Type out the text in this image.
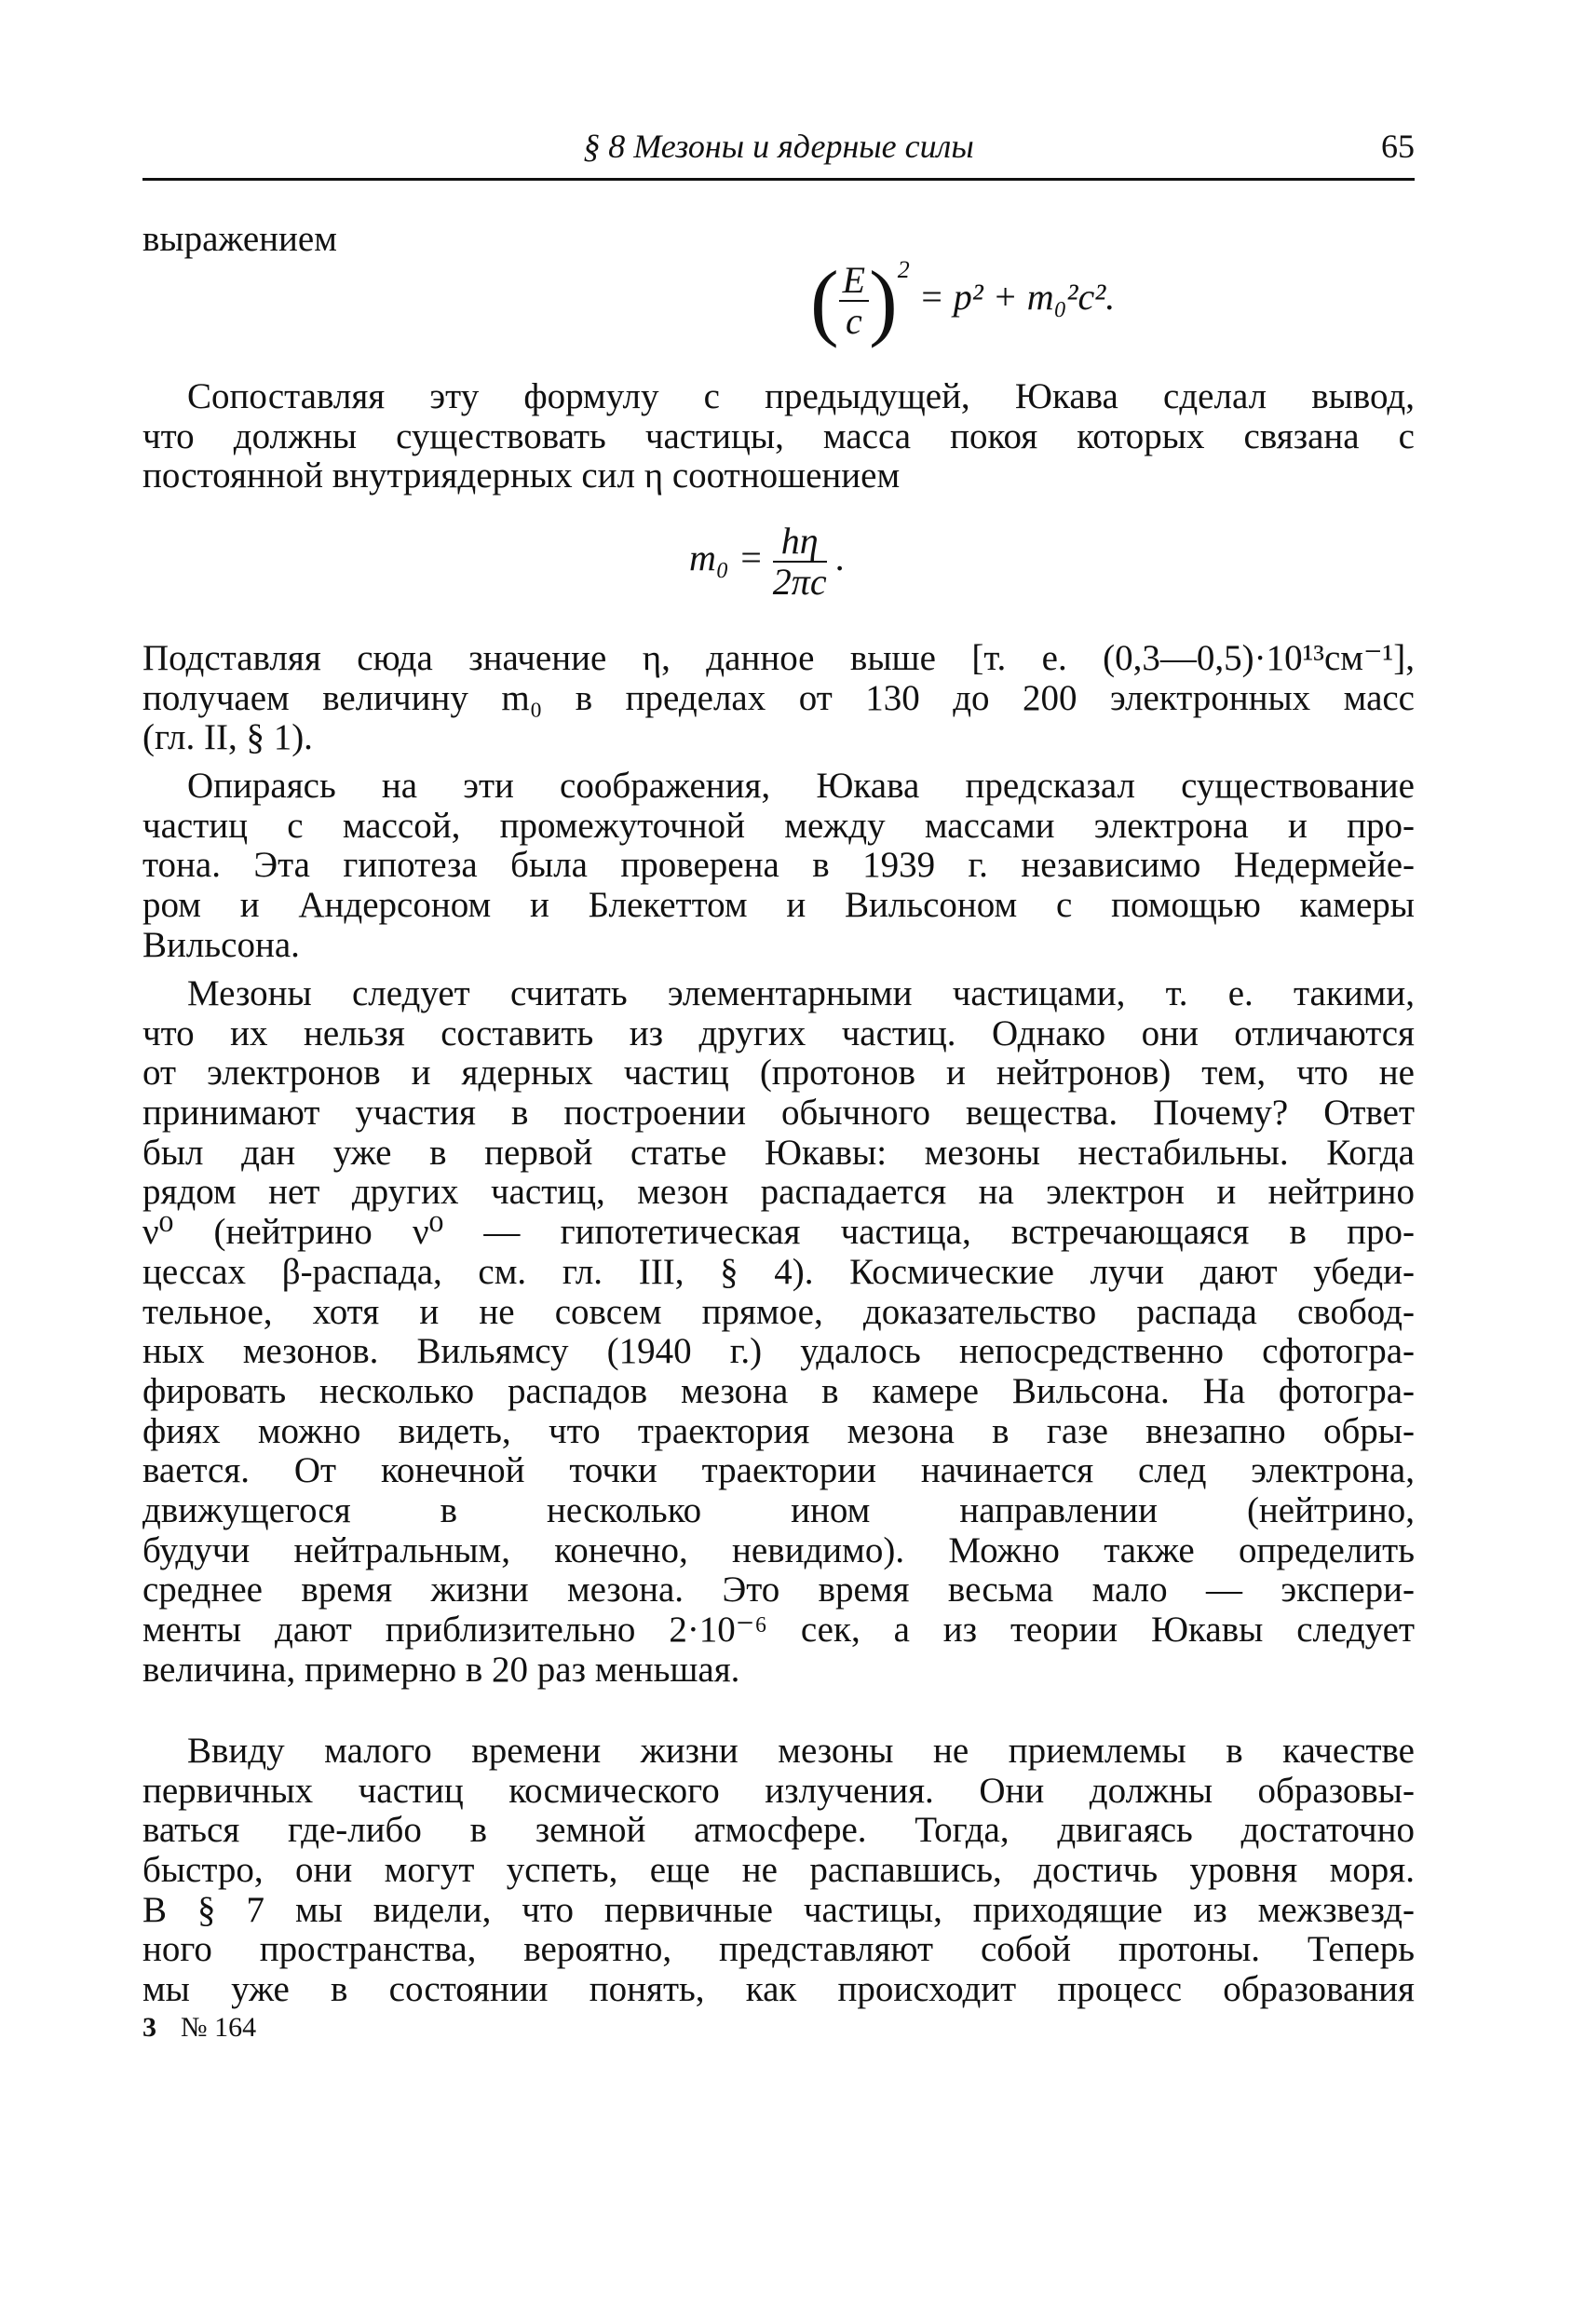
§ 8 Мезоны и ядерные силы	65
выражением
( $\frac{E}{c} )^2 = p^2 + m_0^2c^2$.
Сопоставляя эту формулу с предыдущей, Юкава сделал вывод,
что должны существовать частицы, масса покоя которых связана с
постоянной внутриядерных сил η соотношением
$m_0 = \frac{h\eta}{2\pi c}$ .
Подставляя сюда значение η, данное выше [т. е. (0,3—0,5)·10¹³см⁻¹],
получаем величину m₀ в пределах от 130 до 200 электронных масс
(гл. II, § 1).
Опираясь на эти соображения, Юкава предсказал существование
частиц с массой, промежуточной между массами электрона и про-
тона. Эта гипотеза была проверена в 1939 г. независимо Недермейе-
ром и Андерсоном и Блекеттом и Вильсоном с помощью камеры
Вильсона.
Мезоны следует считать элементарными частицами, т. е. такими,
что их нельзя составить из других частиц. Однако они отличаются
от электронов и ядерных частиц (протонов и нейтронов) тем, что не
принимают участия в построении обычного вещества. Почему? Ответ
был дан уже в первой статье Юкавы: мезоны нестабильны. Когда
рядом нет других частиц, мезон распадается на электрон и нейтрино
ν⁰ (нейтрино ν⁰ — гипотетическая частица, встречающаяся в про-
цессах β-распада, см. гл. III, § 4). Космические лучи дают убеди-
тельное, хотя и не совсем прямое, доказательство распада свобод-
ных мезонов. Вильямсу (1940 г.) удалось непосредственно сфотогра-
фировать несколько распадов мезона в камере Вильсона. На фотогра-
фиях можно видеть, что траектория мезона в газе внезапно обры-
вается. От конечной точки траектории начинается след электрона,
движущегося в несколько ином направлении (нейтрино,
будучи нейтральным, конечно, невидимо). Можно также определить
среднее время жизни мезона. Это время весьма мало — экспери-
менты дают приблизительно 2·10⁻⁶ сек, а из теории Юкавы следует
величина, примерно в 20 раз меньшая.
Ввиду малого времени жизни мезоны не приемлемы в качестве
первичных частиц космического излучения. Они должны образовы-
ваться где-либо в земной атмосфере. Тогда, двигаясь достаточно
быстро, они могут успеть, еще не распавшись, достичь уровня моря.
В § 7 мы видели, что первичные частицы, приходящие из межзвезд-
ного пространства, вероятно, представляют собой протоны. Теперь
мы уже в состоянии понять, как происходит процесс образования
3 № 164
